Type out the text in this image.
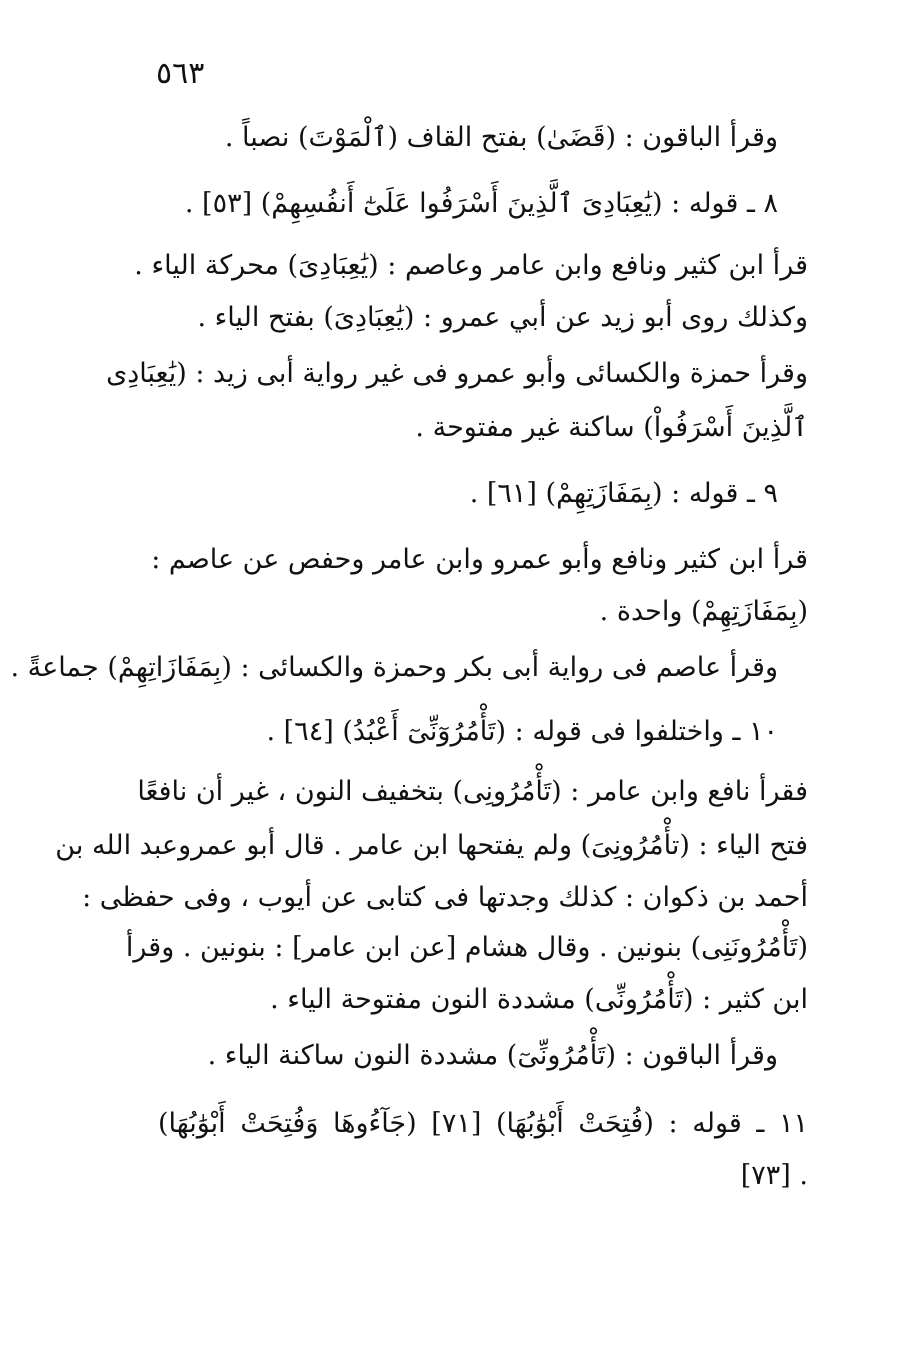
٥٦٣
وقرأ الباقون : (قَضَىٰ) بفتح القاف (ٱلْمَوْتَ) نصباً .
٨ ـ قوله : (يَٰعِبَادِىَ ٱلَّذِينَ أَسْرَفُوا عَلَىٰٓ أَنفُسِهِمْ) [٥٣] .
قرأ ابن كثير ونافع وابن عامر وعاصم : (يَٰعِبَادِىَ) محركة الياء .
وكذلك روى أبو زيد عن أبي عمرو : (يَٰعِبَادِىَ) بفتح الياء .
وقرأ حمزة والكسائى وأبو عمرو فى غير رواية أبى زيد : (يَٰعِبَادِى
ٱلَّذِينَ أَسْرَفُواْ) ساكنة غير مفتوحة .
٩ ـ قوله : (بِمَفَازَتِهِمْ) [٦١] .
قرأ ابن كثير ونافع وأبو عمرو وابن عامر وحفص عن عاصم :
(بِمَفَازَتِهِمْ) واحدة .
وقرأ عاصم فى رواية أبى بكر وحمزة والكسائى : (بِمَفَازَاتِهِمْ) جماعةً .
١٠ ـ واختلفوا فى قوله : (تَأْمُرُوٓنِّىٓ أَعْبُدُ) [٦٤] .
فقرأ نافع وابن عامر : (تَأْمُرُونِى) بتخفيف النون ، غير أن نافعًا
فتح الياء : (تأْمُرُونِىَ) ولم يفتحها ابن عامر . قال أبو عمروعبد الله بن
أحمد بن ذكوان : كذلك وجدتها فى كتابى عن أيوب ، وفى حفظى :
(تَأْمُرُونَنِى) بنونين . وقال هشام [عن ابن عامر] : بنونين . وقرأ
ابن كثير : (تَأْمُرُونِّى) مشددة النون مفتوحة الياء .
وقرأ الباقون : (تَأْمُرُونِّىٓ) مشددة النون ساكنة الياء .
١١ ـ قوله : (فُتِحَتْ أَبْوَٰبُهَا) [٧١] (جَآءُوهَا وَفُتِحَتْ أَبْوَٰبُهَا)
[٧٣] .
